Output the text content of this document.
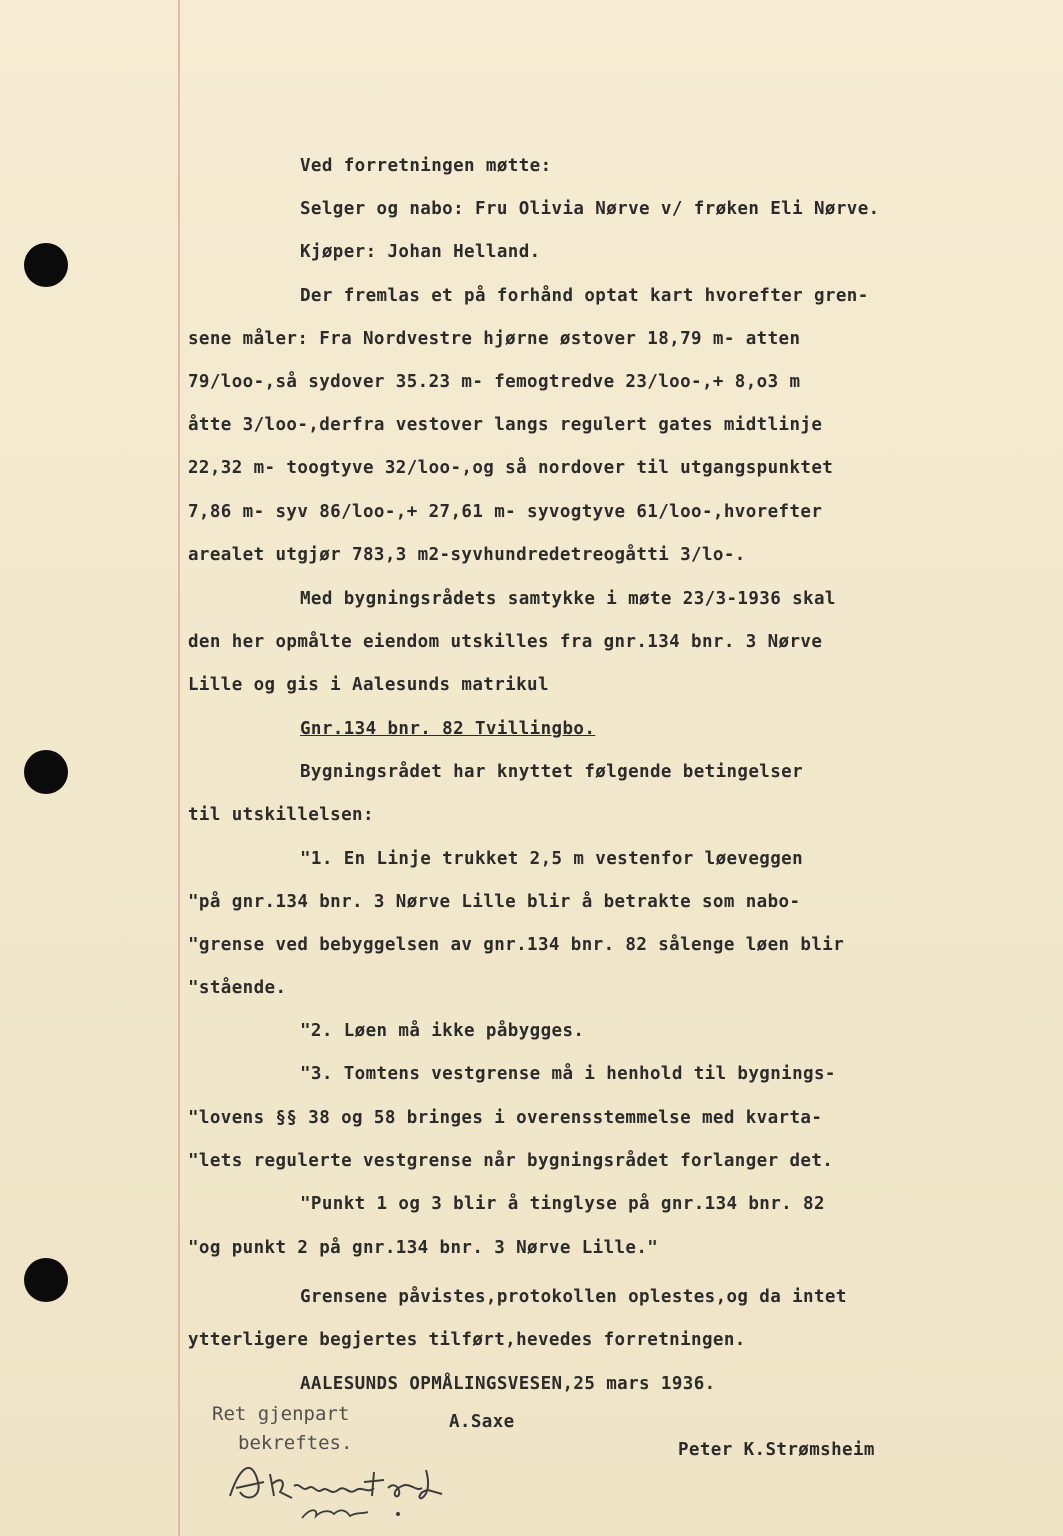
Ved forretningen møtte:

Selger og nabo: Fru Olivia Nørve v/ frøken Eli Nørve.

Kjøper: Johan Helland.

Der fremlas et på forhånd optat kart hvorefter gren-

sene måler: Fra Nordvestre hjørne østover 18,79 m- atten

79/loo-,så sydover 35.23 m- femogtredve 23/loo-,+ 8,o3 m

åtte 3/loo-,derfra vestover langs regulert gates midtlinje

22,32 m- toogtyve 32/loo-,og så nordover til utgangspunktet

7,86 m- syv 86/loo-,+ 27,61 m- syvogtyve 61/loo-,hvorefter

arealet utgjør 783,3 m2-syvhundredetreogåtti 3/lo-.

Med bygningsrådets samtykke i møte 23/3-1936 skal

den her opmålte eiendom utskilles fra gnr.134 bnr. 3 Nørve

Lille og gis i Aalesunds matrikul

Gnr.134 bnr. 82 Tvillingbo.

Bygningsrådet har knyttet følgende betingelser

til utskillelsen:

"1. En Linje trukket 2,5 m vestenfor løeveggen

"på gnr.134 bnr. 3 Nørve Lille blir å betrakte som nabo-

"grense ved bebyggelsen av gnr.134 bnr. 82 sålenge løen blir

"stående.

"2. Løen må ikke påbygges.

"3. Tomtens vestgrense må i henhold til bygnings-

"lovens §§ 38 og 58 bringes i overensstemmelse med kvarta-

"lets regulerte vestgrense når bygningsrådet forlanger det.

"Punkt 1 og 3 blir å tinglyse på gnr.134 bnr. 82

"og punkt 2 på gnr.134 bnr. 3 Nørve Lille."

Grensene påvistes,protokollen oplestes,og da intet

ytterligere begjertes tilført,hevedes forretningen.

AALESUNDS OPMÅLINGSVESEN,25 mars 1936.

A.Saxe

Peter K.Strømsheim

Ret gjenpart

bekreftes.
